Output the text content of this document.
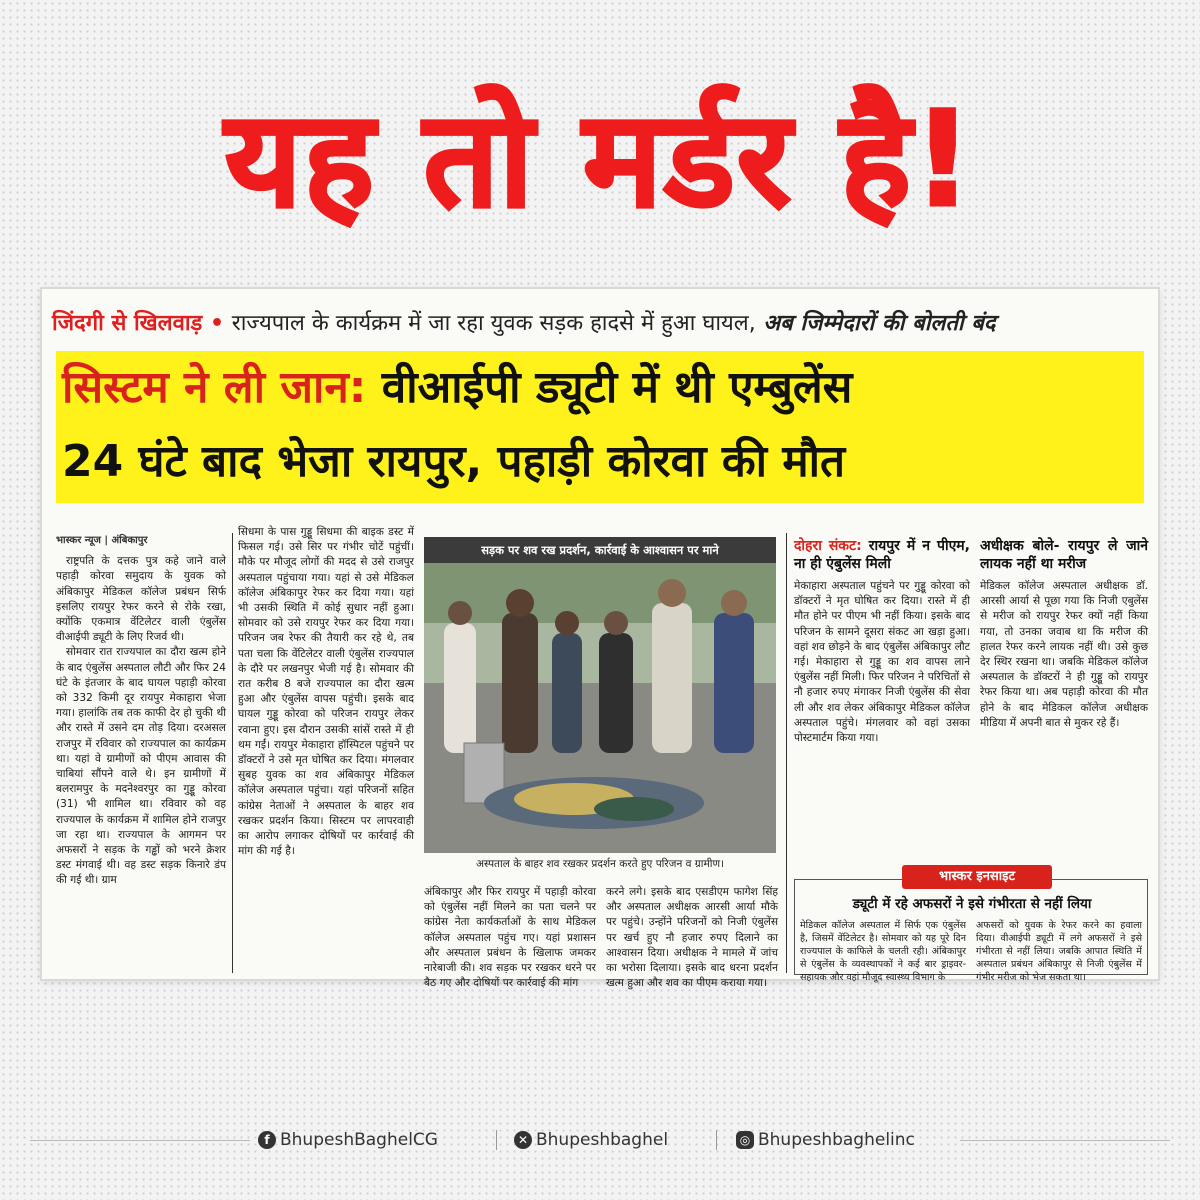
यह तो मर्डर है!
जिंदगी से खिलवाड़ • राज्यपाल के कार्यक्रम में जा रहा युवक सड़क हादसे में हुआ घायल, अब जिम्मेदारों की बोलती बंद
सिस्टम ने ली जान: वीआईपी ड्यूटी में थी एम्बुलेंस
24 घंटे बाद भेजा रायपुर, पहाड़ी कोरवा की मौत
भास्कर न्यूज | अंबिकापुर

राष्ट्रपति के दत्तक पुत्र कहे जाने वाले पहाड़ी कोरवा समुदाय के युवक को अंबिकापुर मेडिकल कॉलेज प्रबंधन सिर्फ इसलिए रायपुर रेफर करने से रोके रखा, क्योंकि एकमात्र वेंटिलेटर वाली एंबुलेंस वीआईपी ड्यूटी के लिए रिजर्व थी।

सोमवार रात राज्यपाल का दौरा खत्म होने के बाद एंबुलेंस अस्पताल लौटी और फिर 24 घंटे के इंतजार के बाद घायल पहाड़ी कोरवा को 332 किमी दूर रायपुर मेकाहारा भेजा गया। हालांकि तब तक काफी देर हो चुकी थी और रास्ते में उसने दम तोड़ दिया। दरअसल राजपुर में रविवार को राज्यपाल का कार्यक्रम था। यहां वे ग्रामीणों को पीएम आवास की चाबियां सौंपने वाले थे। इन ग्रामीणों में बलरामपुर के मदनेश्वरपुर का गुड्डू कोरवा (31) भी शामिल था। रविवार को वह राज्यपाल के कार्यक्रम में शामिल होने राजपुर जा रहा था। राज्यपाल के आगमन पर अफसरों ने सड़क के गड्ढों को भरने क्रेशर डस्ट मंगवाई थी। वह डस्ट सड़क किनारे डंप की गई थी। ग्राम

सिधमा के पास गुड्डू सिधमा की बाइक डस्ट में फिसल गई। उसे सिर पर गंभीर चोटें पहुंचीं। मौके पर मौजूद लोगों की मदद से उसे राजपुर अस्पताल पहुंचाया गया। यहां से उसे मेडिकल कॉलेज अंबिकापुर रेफर कर दिया गया। यहां भी उसकी स्थिति में कोई सुधार नहीं हुआ। सोमवार को उसे रायपुर रेफर कर दिया गया। परिजन जब रेफर की तैयारी कर रहे थे, तब पता चला कि वेंटिलेटर वाली एंबुलेंस राज्यपाल के दौरे पर लखनपुर भेजी गई है। सोमवार की रात करीब 8 बजे राज्यपाल का दौरा खत्म हुआ और एंबुलेंस वापस पहुंची। इसके बाद घायल गुड्डू कोरवा को परिजन रायपुर लेकर रवाना हुए। इस दौरान उसकी सांसें रास्ते में ही थम गईं। रायपुर मेकाहारा हॉस्पिटल पहुंचने पर डॉक्टरों ने उसे मृत घोषित कर दिया। मंगलवार सुबह युवक का शव अंबिकापुर मेडिकल कॉलेज अस्पताल पहुंचा। यहां परिजनों सहित कांग्रेस नेताओं ने अस्पताल के बाहर शव रखकर प्रदर्शन किया। सिस्टम पर लापरवाही का आरोप लगाकर दोषियों पर कार्रवाई की मांग की गई है।

सड़क पर शव रख प्रदर्शन, कार्रवाई के आश्वासन पर माने
अस्पताल के बाहर शव रखकर प्रदर्शन करते हुए परिजन व ग्रामीण।

अंबिकापुर और फिर रायपुर में पहाड़ी कोरवा को एंबुलेंस नहीं मिलने का पता चलने पर कांग्रेस नेता कार्यकर्ताओं के साथ मेडिकल कॉलेज अस्पताल पहुंच गए। यहां प्रशासन और अस्पताल प्रबंधन के खिलाफ जमकर नारेबाजी की। शव सड़क पर रखकर धरने पर बैठ गए और दोषियों पर कार्रवाई की मांग

करने लगे। इसके बाद एसडीएम फागेश सिंह और अस्पताल अधीक्षक आरसी आर्या मौके पर पहुंचे। उन्होंने परिजनों को निजी एंबुलेंस पर खर्च हुए नौ हजार रुपए दिलाने का आश्वासन दिया। अधीक्षक ने मामले में जांच का भरोसा दिलाया। इसके बाद धरना प्रदर्शन खत्म हुआ और शव का पीएम कराया गया।

दोहरा संकट: रायपुर में न पीएम, ना ही एंबुलेंस मिली

मेकाहारा अस्पताल पहुंचने पर गुड्डू कोरवा को डॉक्टरों ने मृत घोषित कर दिया। रास्ते में ही मौत होने पर पीएम भी नहीं किया। इसके बाद परिजन के सामने दूसरा संकट आ खड़ा हुआ। वहां शव छोड़ने के बाद एंबुलेंस अंबिकापुर लौट गई। मेकाहारा से गुड्डू का शव वापस लाने एंबुलेंस नहीं मिली। फिर परिजन ने परिचितों से नौ हजार रुपए मंगाकर निजी एंबुलेंस की सेवा ली और शव लेकर अंबिकापुर मेडिकल कॉलेज अस्पताल पहुंचे। मंगलवार को वहां उसका पोस्टमार्टम किया गया।

अधीक्षक बोले- रायपुर ले जाने लायक नहीं था मरीज

मेडिकल कॉलेज अस्पताल अधीक्षक डॉ. आरसी आर्या से पूछा गया कि निजी एबुलेंस से मरीज को रायपुर रेफर क्यों नहीं किया गया, तो उनका जवाब था कि मरीज की हालत रेफर करने लायक नहीं थी। उसे कुछ देर स्थिर रखना था। जबकि मेडिकल कॉलेज अस्पताल के डॉक्टरों ने ही गुड्डू को रायपुर रेफर किया था। अब पहाड़ी कोरवा की मौत होने के बाद मेडिकल कॉलेज अधीक्षक मीडिया में अपनी बात से मुकर रहे हैं।

भास्कर इनसाइट
ड्यूटी में रहे अफसरों ने इसे गंभीरता से नहीं लिया

मेडिकल कॉलेज अस्पताल में सिर्फ एक एंबुलेंस है, जिसमें वेंटिलेटर है। सोमवार को यह पूरे दिन राज्यपाल के काफिले के चलती रही। अंबिकापुर से एंबुलेंस के व्यवस्थापकों ने कई बार ड्राइवर-सहायक और वहां मौजूद स्वास्थ्य विभाग के

अफसरों को युवक के रेफर करने का हवाला दिया। वीआईपी ड्यूटी में लगे अफसरों ने इसे गंभीरता से नहीं लिया। जबकि आपात स्थिति में अस्पताल प्रबंधन अंबिकापुर से निजी एंबुलेंस में गंभीर मरीज को भेज सकता था।

f BhupeshBaghelCG	✕ Bhupeshbaghel	◎ Bhupeshbaghelinc
